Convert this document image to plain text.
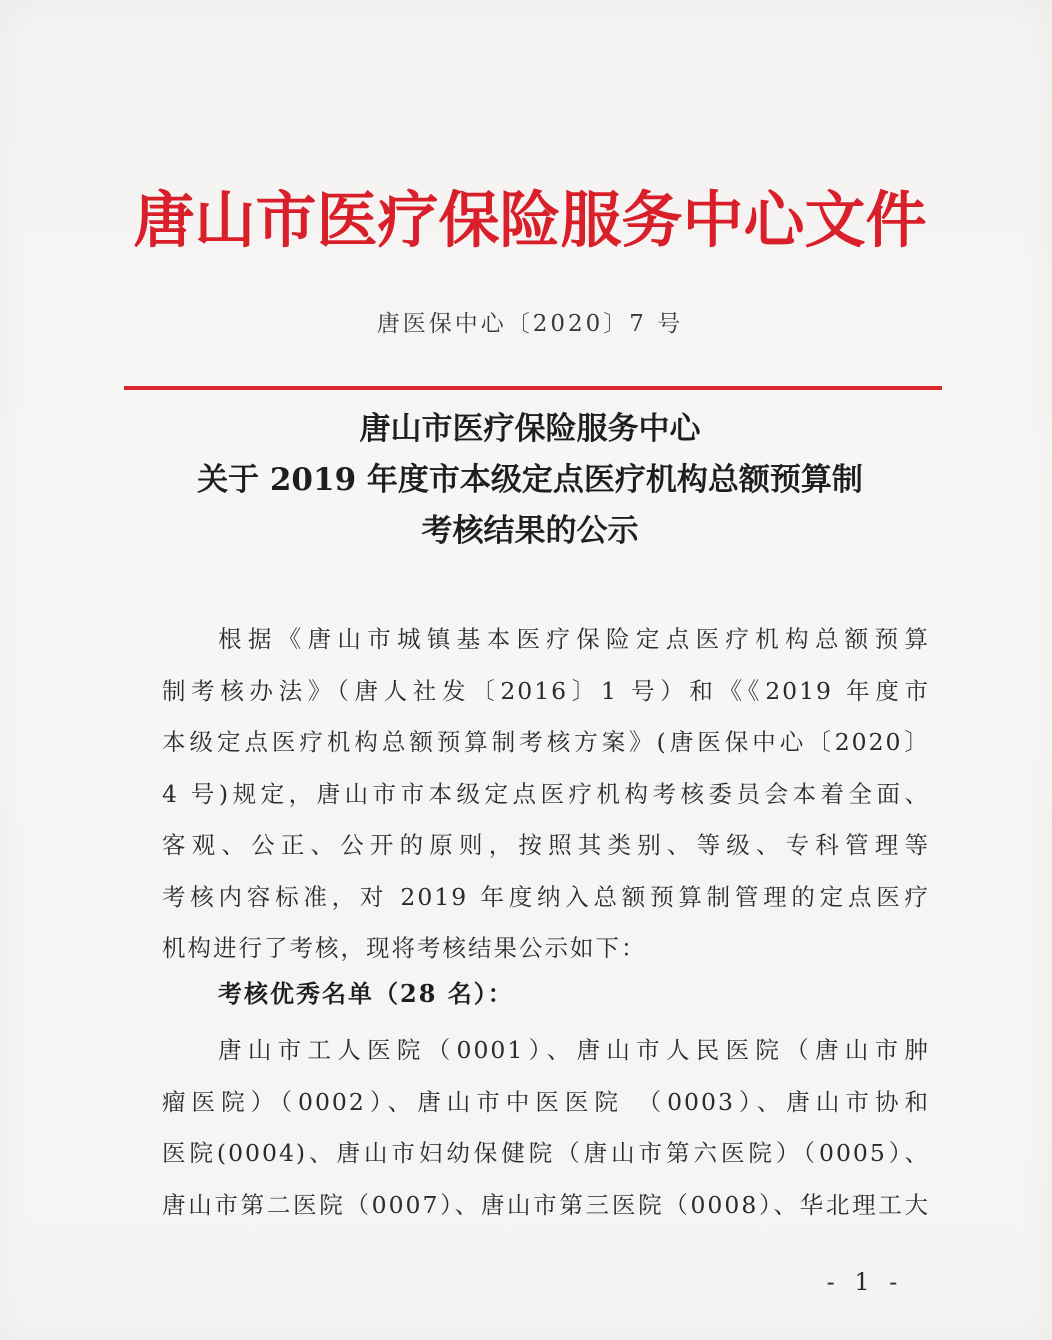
唐山市医疗保险服务中心文件
唐医保中心〔2020〕7 号
唐山市医疗保险服务中心
关于 2019 年度市本级定点医疗机构总额预算制
考核结果的公示
根据《唐山市城镇基本医疗保险定点医疗机构总额预算
制考核办法》（唐人社发〔2016〕1 号）和《《2019 年度市
本级定点医疗机构总额预算制考核方案》(唐医保中心〔2020〕
4 号)规定，唐山市市本级定点医疗机构考核委员会本着全面、
客观、公正、公开的原则，按照其类别、等级、专科管理等
考核内容标准，对 2019 年度纳入总额预算制管理的定点医疗
机构进行了考核，现将考核结果公示如下：
考核优秀名单（28 名）：
唐山市工人医院（0001）、唐山市人民医院（唐山市肿
瘤医院）（0002）、唐山市中医医院 （0003）、唐山市协和
医院(0004)、唐山市妇幼保健院（唐山市第六医院）（0005）、
唐山市第二医院（0007）、唐山市第三医院（0008）、华北理工大
- 1 -
